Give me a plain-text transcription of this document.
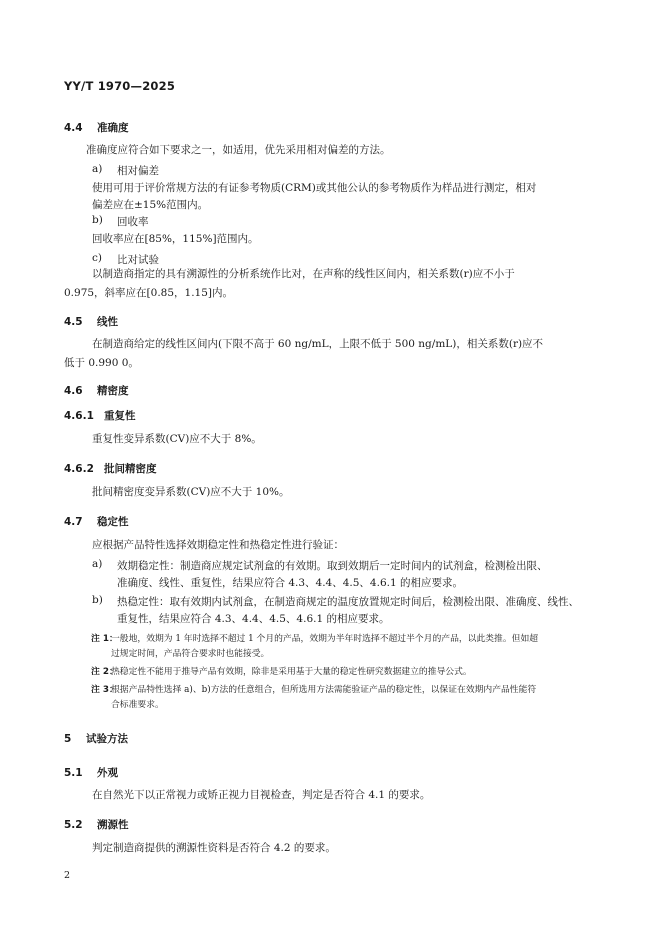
YY/T 1970—2025
4.4 准确度
准确度应符合如下要求之一，如适用，优先采用相对偏差的方法。
a) 相对偏差
使用可用于评价常规方法的有证参考物质(CRM)或其他公认的参考物质作为样品进行测定，相对
偏差应在±15%范围内。
b) 回收率
回收率应在[85%，115%]范围内。
c) 比对试验
以制造商指定的具有溯源性的分析系统作比对，在声称的线性区间内，相关系数(r)应不小于
0.975，斜率应在[0.85，1.15]内。
4.5 线性
在制造商给定的线性区间内(下限不高于 60 ng/mL，上限不低于 500 ng/mL)，相关系数(r)应不
低于 0.990 0。
4.6 精密度
4.6.1 重复性
重复性变异系数(CV)应不大于 8%。
4.6.2 批间精密度
批间精密度变异系数(CV)应不大于 10%。
4.7 稳定性
应根据产品特性选择效期稳定性和热稳定性进行验证：
a) 效期稳定性：制造商应规定试剂盒的有效期。取到效期后一定时间内的试剂盒，检测检出限、
准确度、线性、重复性，结果应符合 4.3、4.4、4.5、4.6.1 的相应要求。
b) 热稳定性：取有效期内试剂盒，在制造商规定的温度放置规定时间后，检测检出限、准确度、线性、
重复性，结果应符合 4.3、4.4、4.5、4.6.1 的相应要求。
注 1：
一般地，效期为 1 年时选择不超过 1 个月的产品，效期为半年时选择不超过半个月的产品，以此类推。但如超
过规定时间，产品符合要求时也能接受。
注 2：
热稳定性不能用于推导产品有效期，除非是采用基于大量的稳定性研究数据建立的推导公式。
注 3：
根据产品特性选择 a)、b)方法的任意组合，但所选用方法需能验证产品的稳定性，以保证在效期内产品性能符
合标准要求。
5 试验方法
5.1 外观
在自然光下以正常视力或矫正视力目视检查，判定是否符合 4.1 的要求。
5.2 溯源性
判定制造商提供的溯源性资料是否符合 4.2 的要求。
2
